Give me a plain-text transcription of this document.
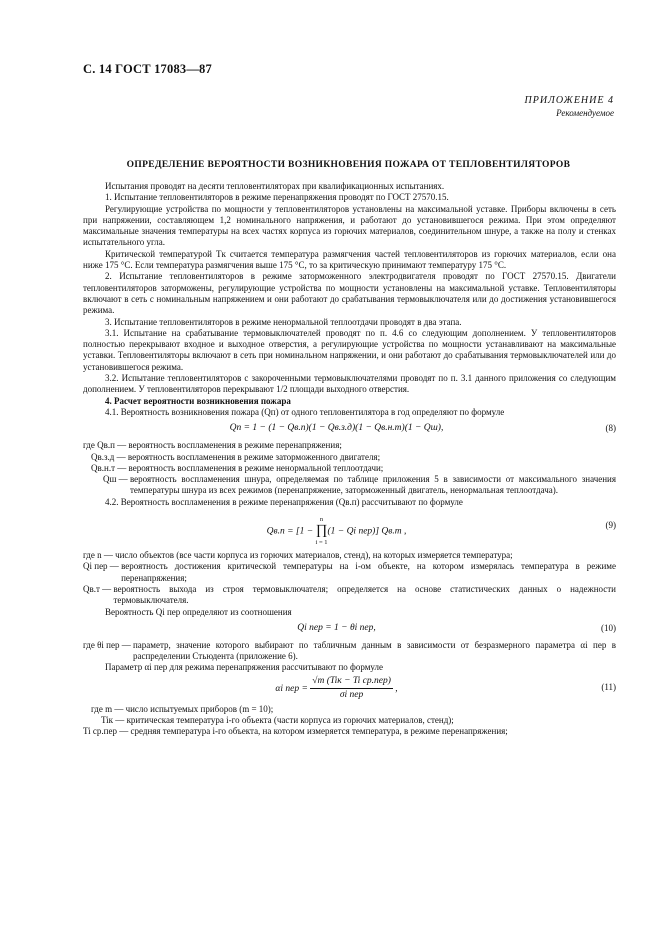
С. 14 ГОСТ 17083—87
ПРИЛОЖЕНИЕ 4
Рекомендуемое
ОПРЕДЕЛЕНИЕ ВЕРОЯТНОСТИ ВОЗНИКНОВЕНИЯ ПОЖАРА ОТ ТЕПЛОВЕНТИЛЯТОРОВ

Испытания проводят на десяти тепловентиляторах при квалификационных испытаниях.

1. Испытание тепловентиляторов в режиме перенапряжения проводят по ГОСТ 27570.15.

Регулирующие устройства по мощности у тепловентиляторов установлены на максимальной уставке. Приборы включены в сеть при напряжении, составляющем 1,2 номинального напряжения, и работают до установившегося режима. При этом определяют максимальные значения температуры на всех частях корпуса из горючих материалов, соединительном шнуре, а также на полу и стенках испытательного угла.

Критической температурой Tк считается температура размягчения частей тепловентиляторов из горючих материалов, если она ниже 175 °С. Если температура размягчения выше 175 °С, то за критическую принимают температуру 175 °С.

2. Испытание тепловентиляторов в режиме заторможенного электродвигателя проводят по ГОСТ 27570.15. Двигатели тепловентиляторов заторможены, регулирующие устройства по мощности установлены на максимальной уставке. Тепловентиляторы включают в сеть с номинальным напряжением и они работают до срабатывания термовыключателя или до достижения установившегося режима.

3. Испытание тепловентиляторов в режиме ненормальной теплоотдачи проводят в два этапа.

3.1. Испытание на срабатывание термовыключателей проводят по п. 4.6 со следующим дополнением. У тепловентиляторов полностью перекрывают входное и выходное отверстия, а регулирующие устройства по мощности устанавливают на максимальные уставки. Тепловентиляторы включают в сеть при номинальном напряжении, и они работают до срабатывания термовыключателей или до установившегося режима.

3.2. Испытание тепловентиляторов с закороченными термовыключателями проводят по п. 3.1 данного приложения со следующим дополнением. У тепловентиляторов перекрывают 1/2 площади выходного отверстия.

4. Расчет вероятности возникновения пожара

4.1. Вероятность возникновения пожара (Qп) от одного тепловентилятора в год определяют по формуле

Qп = 1 − (1 − Qв.п)(1 − Qв.з.д)(1 − Qв.н.т)(1 − Qш),	(8)
где Qв.п —
вероятность воспламенения в режиме перенапряжения;
Qв.з.д —
вероятность воспламенения в режиме заторможенного двигателя;
Qв.н.т —
вероятность воспламенения в режиме ненормальной теплоотдачи;
Qш —
вероятность воспламенения шнура, определяемая по таблице приложения 5 в зависимости от максимального значения температуры шнура из всех режимов (перенапряжение, заторможенный двигатель, ненормальная теплоотдача).

4.2. Вероятность воспламенения в режиме перенапряжения (Qв.п) рассчитывают по формуле

Qв.п = [1 −
n
∏
i = 1
(1 − Qi пер)] Qв.т ,
(9)
где n —
число объектов (все части корпуса из горючих материалов, стенд), на которых измеряется температура;
Qi пер —
вероятность достижения критической температуры на i-ом объекте, на котором измерялась температура в режиме перенапряжения;
Qв.т —
вероятность выхода из строя термовыключателя; определяется на основе статистических данных о надежности термовыключателя.

Вероятность Qi пер определяют из соотношения

Qi пер = 1 − θi пер,	(10)
где θi пер —
параметр, значение которого выбирают по табличным данным в зависимости от безразмерного параметра αi пер в распределении Стьюдента (приложение 6).

Параметр αi пер для режима перенапряжения рассчитывают по формуле

αi пер = $\frac{\text{√m (Tiк − Ti ср.пер)}}{\text{σi пер}}$ ,	(11)
где m —
число испытуемых приборов (m = 10);
Tiк —
критическая температура i-го объекта (части корпуса из горючих материалов, стенд);
Ti ср.пер —
средняя температура i-го объекта, на котором измеряется температура, в режиме перенапряжения;
